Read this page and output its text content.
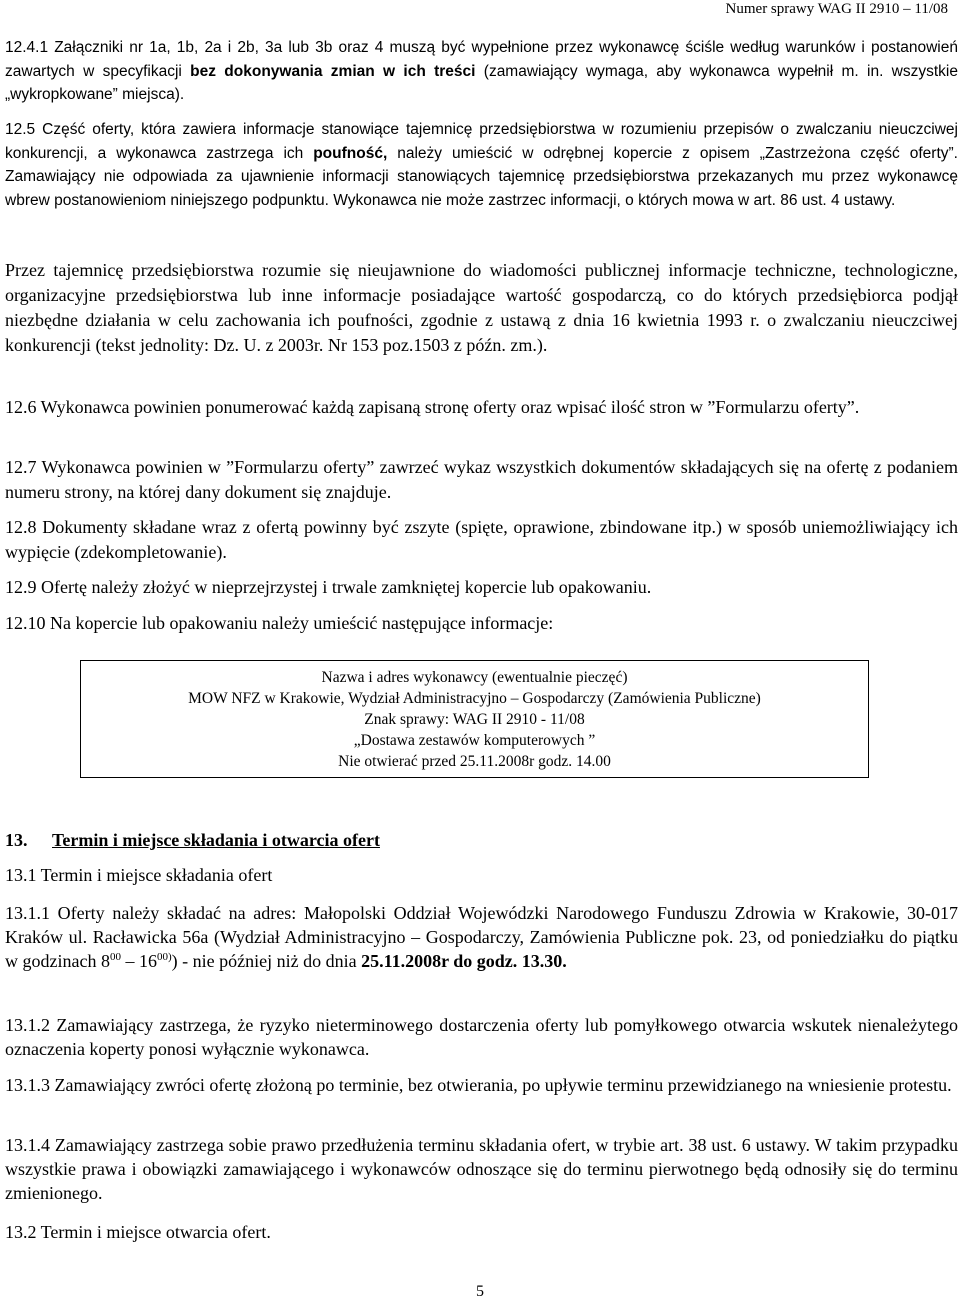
Numer sprawy WAG II 2910 – 11/08

12.4.1 Załączniki nr 1a, 1b, 2a i 2b, 3a lub 3b oraz 4 muszą być wypełnione przez wykonawcę ściśle według warunków i postanowień zawartych w specyfikacji bez dokonywania zmian w ich treści (zamawiający wymaga, aby wykonawca wypełnił m. in. wszystkie „wykropkowane” miejsca).

12.5 Część oferty, która zawiera informacje stanowiące tajemnicę przedsiębiorstwa w rozumieniu przepisów o zwalczaniu nieuczciwej konkurencji, a wykonawca zastrzega ich poufność, należy umieścić w odrębnej kopercie z opisem „Zastrzeżona część oferty”. Zamawiający nie odpowiada za ujawnienie informacji stanowiących tajemnicę przedsiębiorstwa przekazanych mu przez wykonawcę wbrew postanowieniom niniejszego podpunktu. Wykonawca nie może zastrzec informacji, o których mowa w art. 86 ust. 4 ustawy.

Przez tajemnicę przedsiębiorstwa rozumie się nieujawnione do wiadomości publicznej informacje techniczne, technologiczne, organizacyjne przedsiębiorstwa lub inne informacje posiadające wartość gospodarczą, co do których przedsiębiorca podjął niezbędne działania w celu zachowania ich poufności, zgodnie z ustawą z dnia 16 kwietnia 1993 r. o zwalczaniu nieuczciwej konkurencji (tekst jednolity: Dz. U. z 2003r. Nr 153 poz.1503 z późn. zm.).

12.6 Wykonawca powinien ponumerować każdą zapisaną stronę oferty oraz wpisać ilość stron w ”Formularzu oferty”.

12.7 Wykonawca powinien w ”Formularzu oferty” zawrzeć wykaz wszystkich dokumentów składających się na ofertę z podaniem numeru strony, na której dany dokument się znajduje.

12.8 Dokumenty składane wraz z ofertą powinny być zszyte (spięte, oprawione, zbindowane itp.) w sposób uniemożliwiający ich wypięcie (zdekompletowanie).

12.9 Ofertę należy złożyć w nieprzejrzystej i trwale zamkniętej kopercie lub opakowaniu.

12.10 Na kopercie lub opakowaniu należy umieścić następujące informacje:

Nazwa i adres wykonawcy (ewentualnie pieczęć)
MOW NFZ w Krakowie, Wydział Administracyjno – Gospodarczy (Zamówienia Publiczne)
Znak sprawy: WAG II 2910 - 11/08
„Dostawa zestawów komputerowych ”
Nie otwierać przed 25.11.2008r godz. 14.00
13. Termin i miejsce składania i otwarcia ofert

13.1 Termin i miejsce składania ofert

13.1.1 Oferty należy składać na adres: Małopolski Oddział Wojewódzki Narodowego Funduszu Zdrowia w Krakowie, 30-017 Kraków ul. Racławicka 56a (Wydział Administracyjno – Gospodarczy, Zamówienia Publiczne pok. 23, od poniedziałku do piątku w godzinach $8^{00} - 16^{00)}$) - nie później niż do dnia 25.11.2008r do godz. 13.30.

13.1.2 Zamawiający zastrzega, że ryzyko nieterminowego dostarczenia oferty lub pomyłkowego otwarcia wskutek nienależytego oznaczenia koperty ponosi wyłącznie wykonawca.

13.1.3 Zamawiający zwróci ofertę złożoną po terminie, bez otwierania, po upływie terminu przewidzianego na wniesienie protestu.

13.1.4 Zamawiający zastrzega sobie prawo przedłużenia terminu składania ofert, w trybie art. 38 ust. 6 ustawy. W takim przypadku wszystkie prawa i obowiązki zamawiającego i wykonawców odnoszące się do terminu pierwotnego będą odnosiły się do terminu zmienionego.

13.2 Termin i miejsce otwarcia ofert.

5
